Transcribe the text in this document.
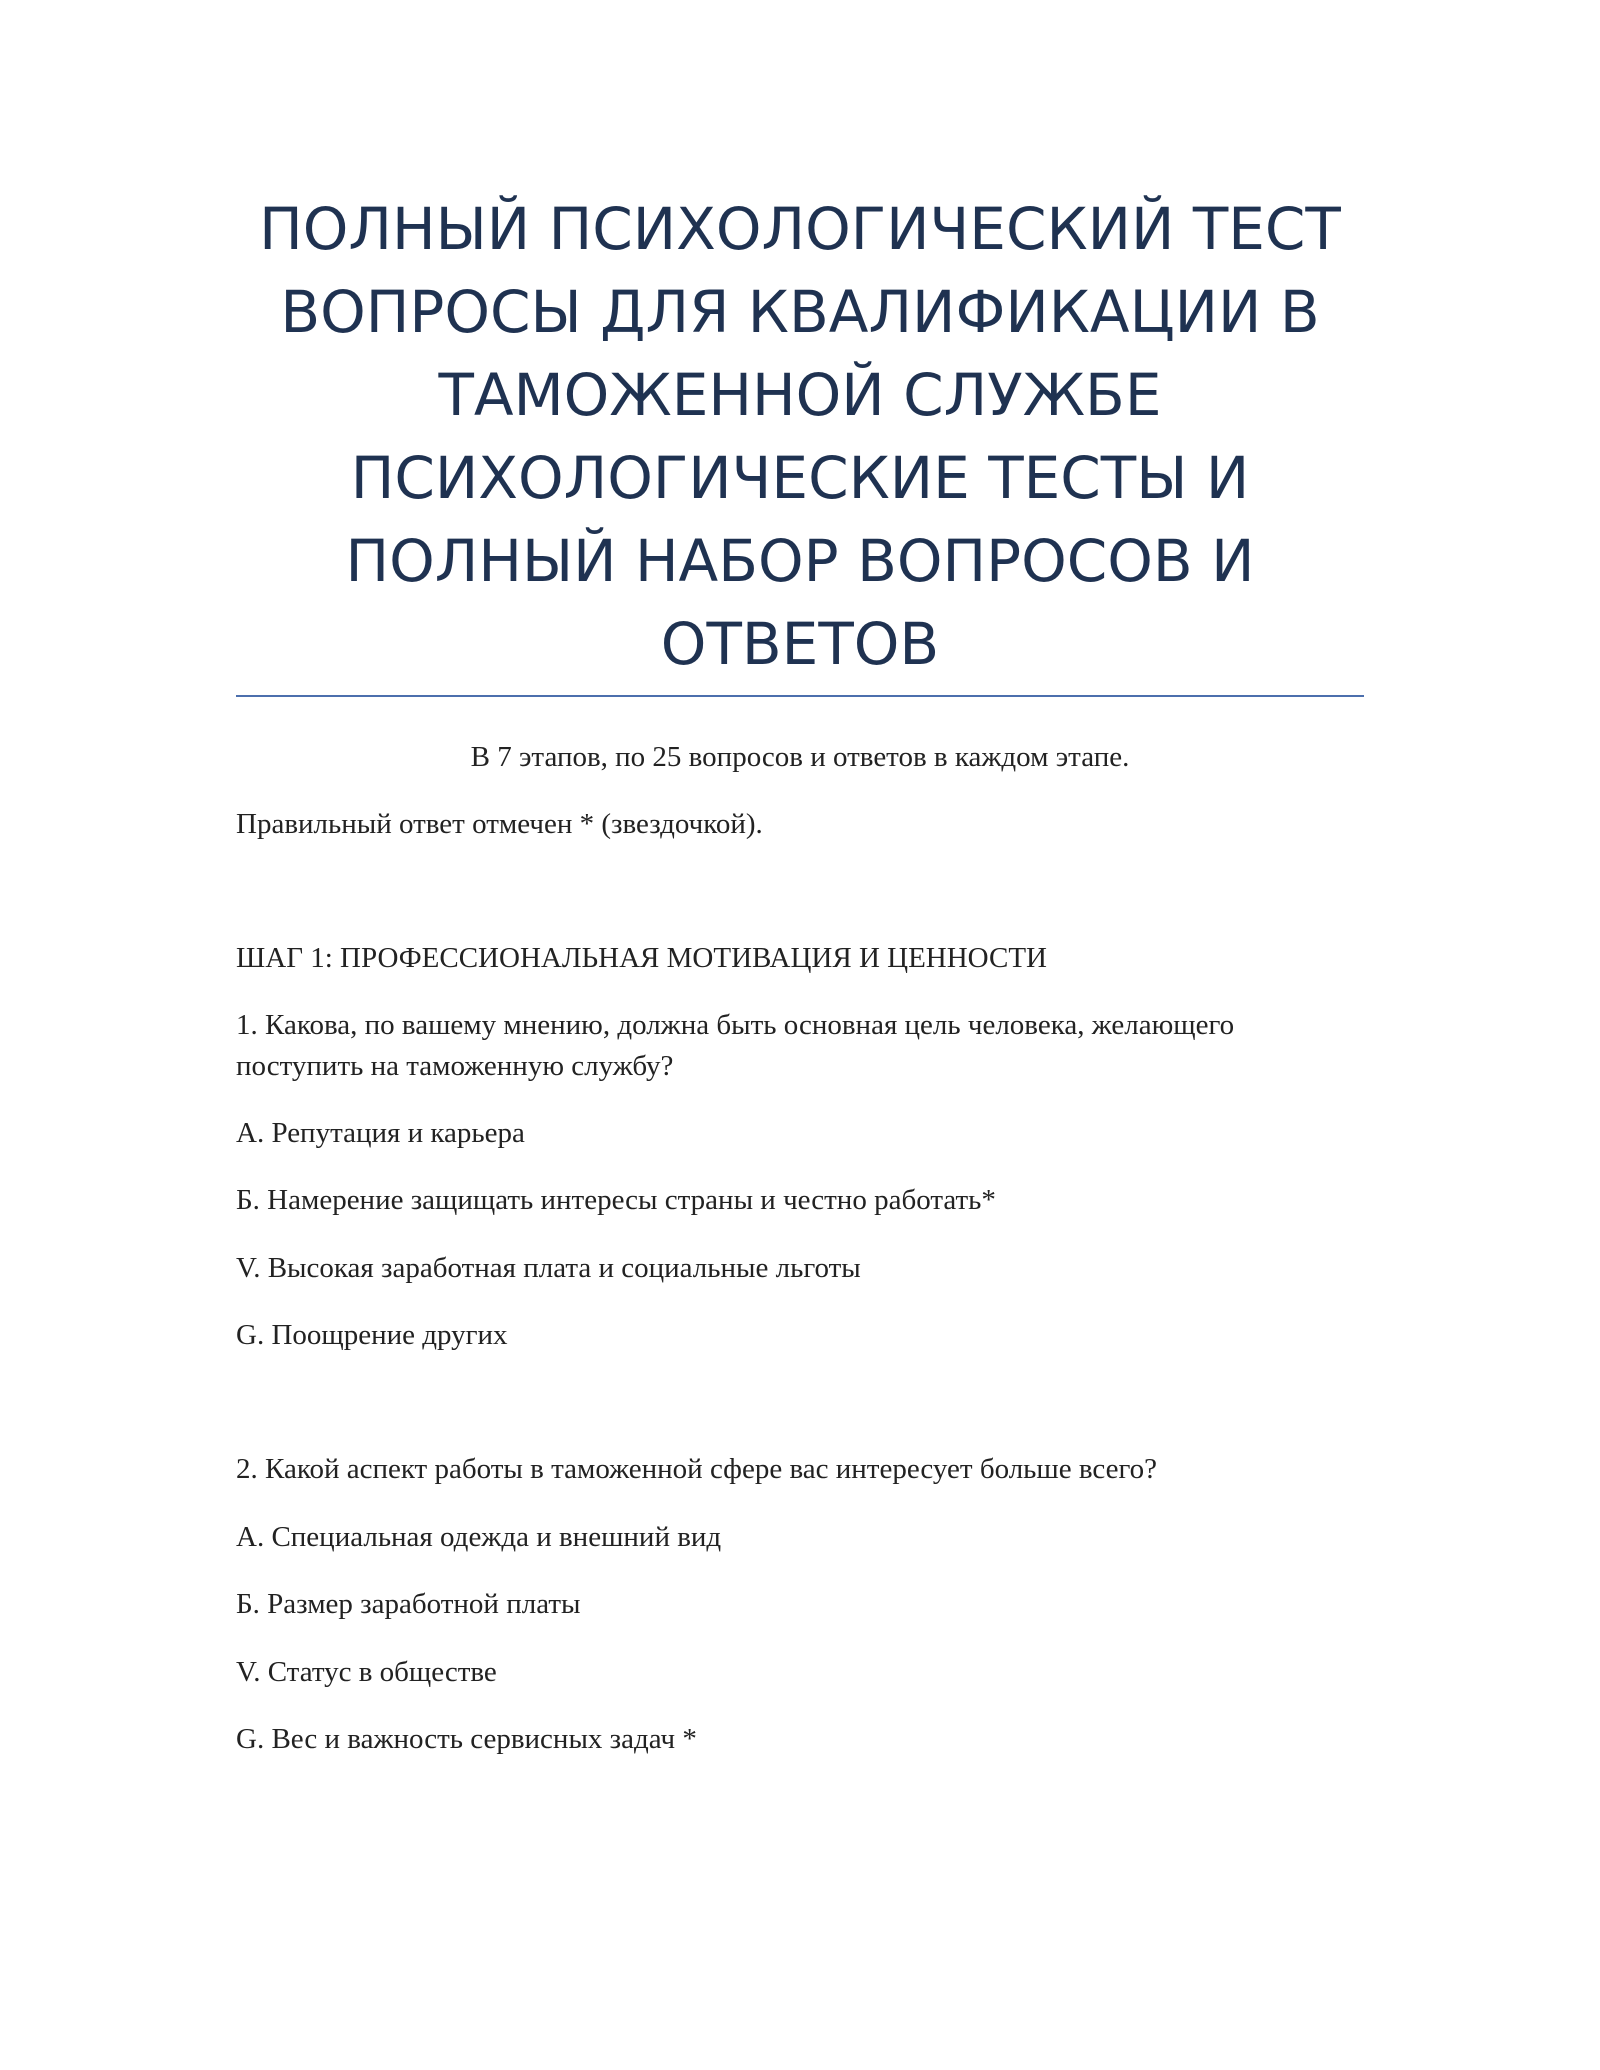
ПОЛНЫЙ ПСИХОЛОГИЧЕСКИЙ ТЕСТ
ВОПРОСЫ ДЛЯ КВАЛИФИКАЦИИ В
ТАМОЖЕННОЙ СЛУЖБЕ
ПСИХОЛОГИЧЕСКИЕ ТЕСТЫ И
ПОЛНЫЙ НАБОР ВОПРОСОВ И
ОТВЕТОВ

В 7 этапов, по 25 вопросов и ответов в каждом этапе.

Правильный ответ отмечен * (звездочкой).

ШАГ 1: ПРОФЕССИОНАЛЬНАЯ МОТИВАЦИЯ И ЦЕННОСТИ

1. Какова, по вашему мнению, должна быть основная цель человека, желающего

поступить на таможенную службу?

A. Репутация и карьера

Б. Намерение защищать интересы страны и честно работать*

V. Высокая заработная плата и социальные льготы

G. Поощрение других

2. Какой аспект работы в таможенной сфере вас интересует больше всего?

A. Специальная одежда и внешний вид

Б. Размер заработной платы

V. Статус в обществе

G. Вес и важность сервисных задач *
